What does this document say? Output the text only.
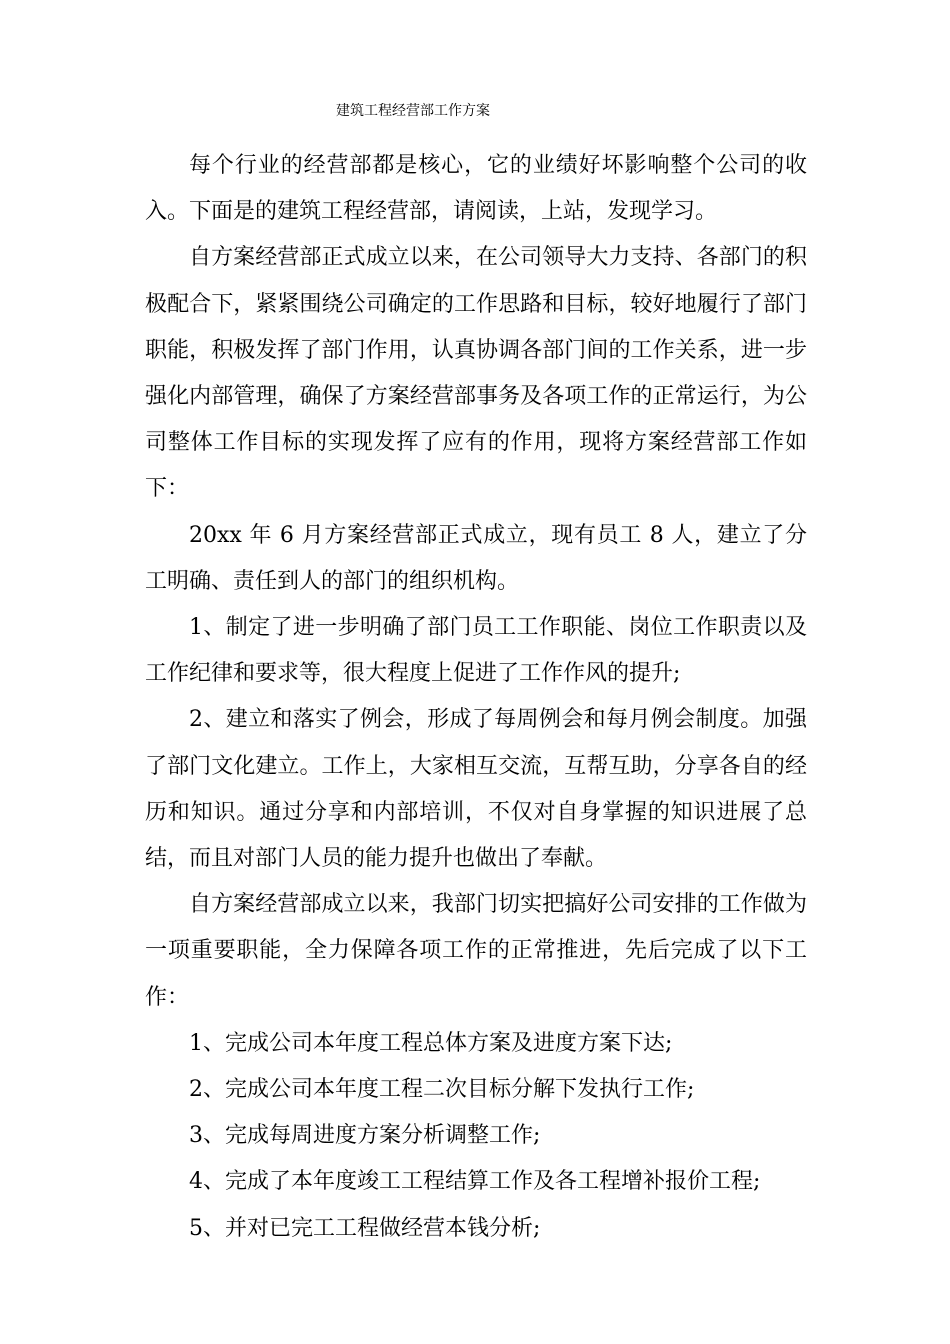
建筑工程经营部工作方案

每个行业的经营部都是核心，它的业绩好坏影响整个公司的收入。下面是的建筑工程经营部，请阅读，上站，发现学习。

自方案经营部正式成立以来，在公司领导大力支持、各部门的积极配合下，紧紧围绕公司确定的工作思路和目标，较好地履行了部门职能，积极发挥了部门作用，认真协调各部门间的工作关系，进一步强化内部管理，确保了方案经营部事务及各项工作的正常运行，为公司整体工作目标的实现发挥了应有的作用，现将方案经营部工作如下：

20xx 年 6 月方案经营部正式成立，现有员工 8 人，建立了分工明确、责任到人的部门的组织机构。

1、制定了进一步明确了部门员工工作职能、岗位工作职责以及工作纪律和要求等，很大程度上促进了工作作风的提升;

2、建立和落实了例会，形成了每周例会和每月例会制度。加强了部门文化建立。工作上，大家相互交流，互帮互助，分享各自的经历和知识。通过分享和内部培训，不仅对自身掌握的知识进展了总结，而且对部门人员的能力提升也做出了奉献。

自方案经营部成立以来，我部门切实把搞好公司安排的工作做为一项重要职能，全力保障各项工作的正常推进，先后完成了以下工作：

1、完成公司本年度工程总体方案及进度方案下达;

2、完成公司本年度工程二次目标分解下发执行工作;

3、完成每周进度方案分析调整工作;

4、完成了本年度竣工工程结算工作及各工程增补报价工程;

5、并对已完工工程做经营本钱分析;
